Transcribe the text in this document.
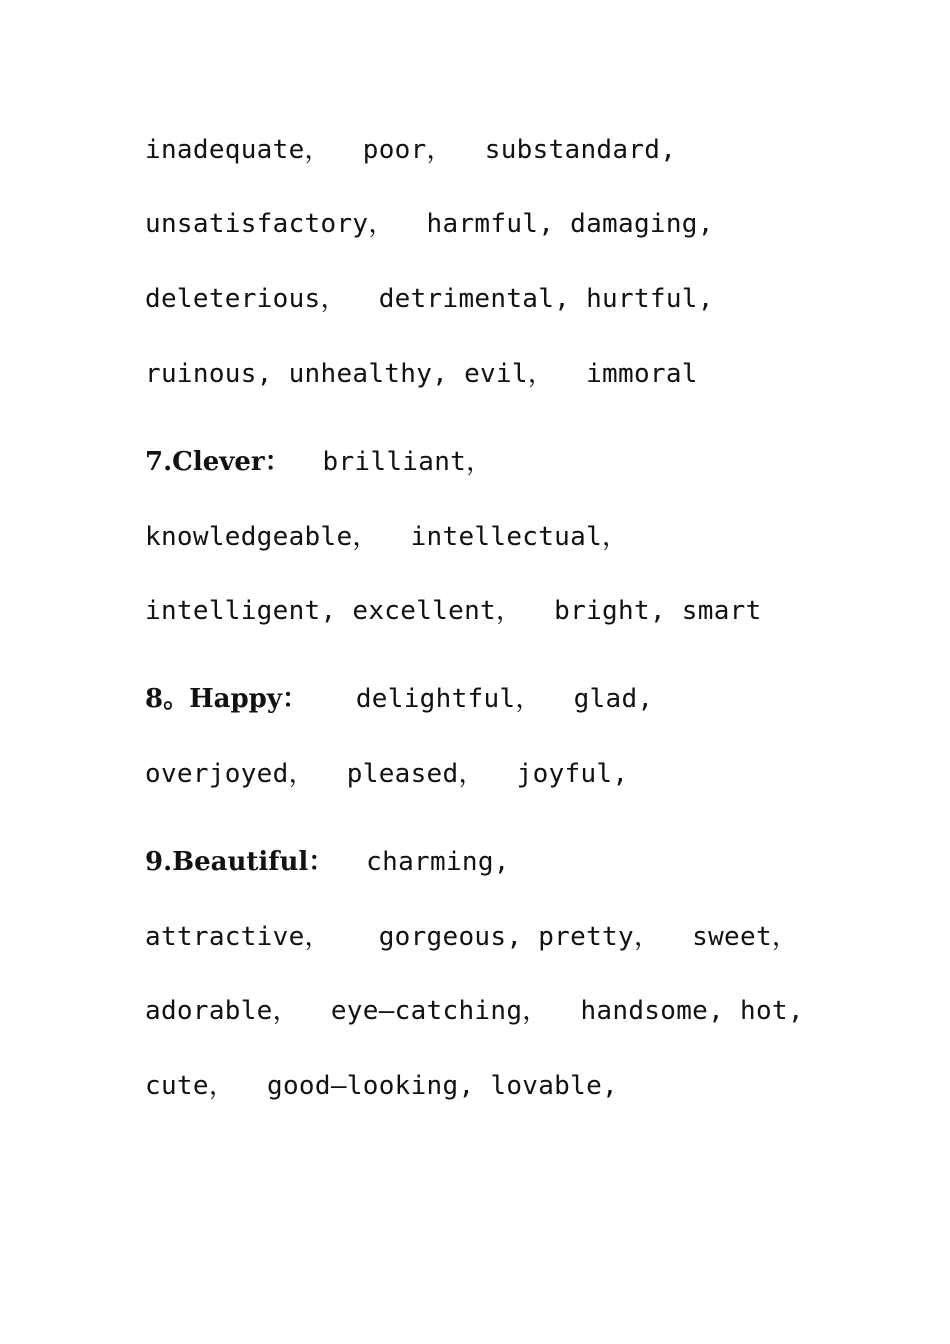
inadequate，  poor，  substandard,
unsatisfactory，  harmful, damaging,
deleterious，  detrimental, hurtful,
ruinous, unhealthy, evil，  immoral
7.Clever：  brilliant，
knowledgeable，  intellectual，
intelligent, excellent，  bright, smart
8。Happy：   delightful，  glad,
overjoyed，  pleased，  joyful,
9.Beautiful：  charming,
attractive，   gorgeous, pretty，  sweet，
adorable，  eye—catching，  handsome, hot,
cute，  good—looking, lovable,
